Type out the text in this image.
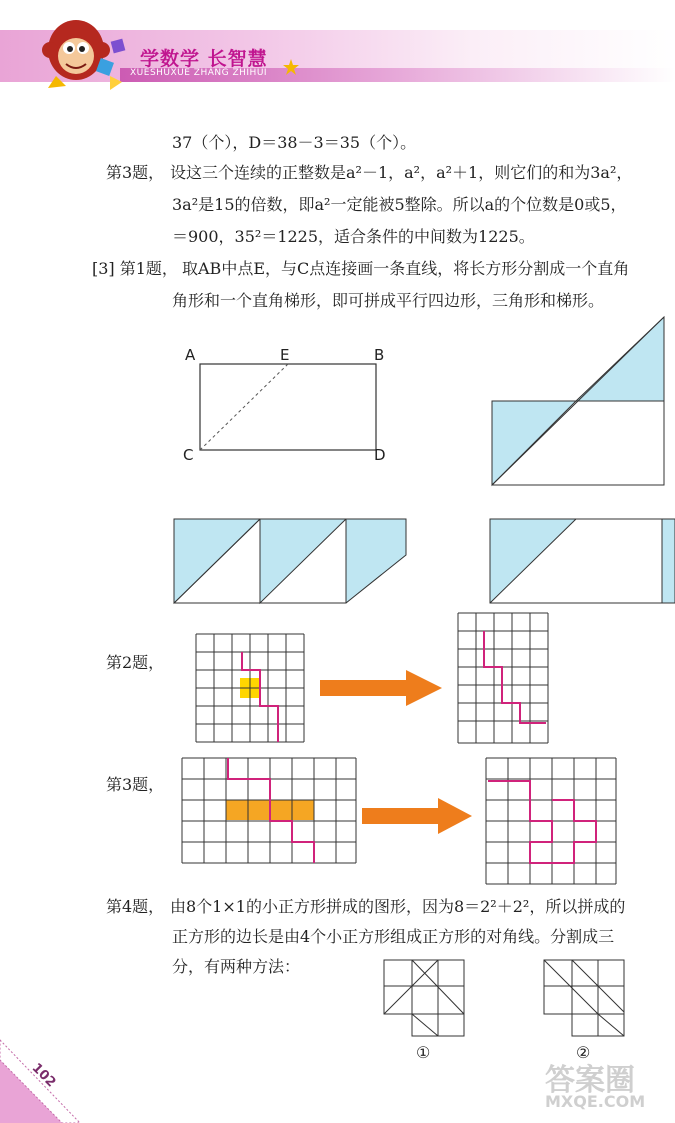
学数学 长智慧
XUESHUXUE ZHANG ZHIHUI
37（个），D＝38－3＝35（个）。
第3题， 设这三个连续的正整数是a²－1，a²，a²＋1，则它们的和为3a²，
3a²是15的倍数，即a²一定能被5整除。所以a的个位数是0或5，
＝900，35²＝1225，适合条件的中间数为1225。
[3] 第1题， 取AB中点E，与C点连接画一条直线，将长方形分割成一个直角
角形和一个直角梯形，即可拼成平行四边形，三角形和梯形。
A	E	B
C	D
第2题，
第3题，
第4题， 由8个1×1的小正方形拼成的图形，因为8＝2²＋2²，所以拼成的
正方形的边长是由4个小正方形组成正方形的对角线。分割成三
分，有两种方法：
①	②
102	答案圈
MXQE.COM
